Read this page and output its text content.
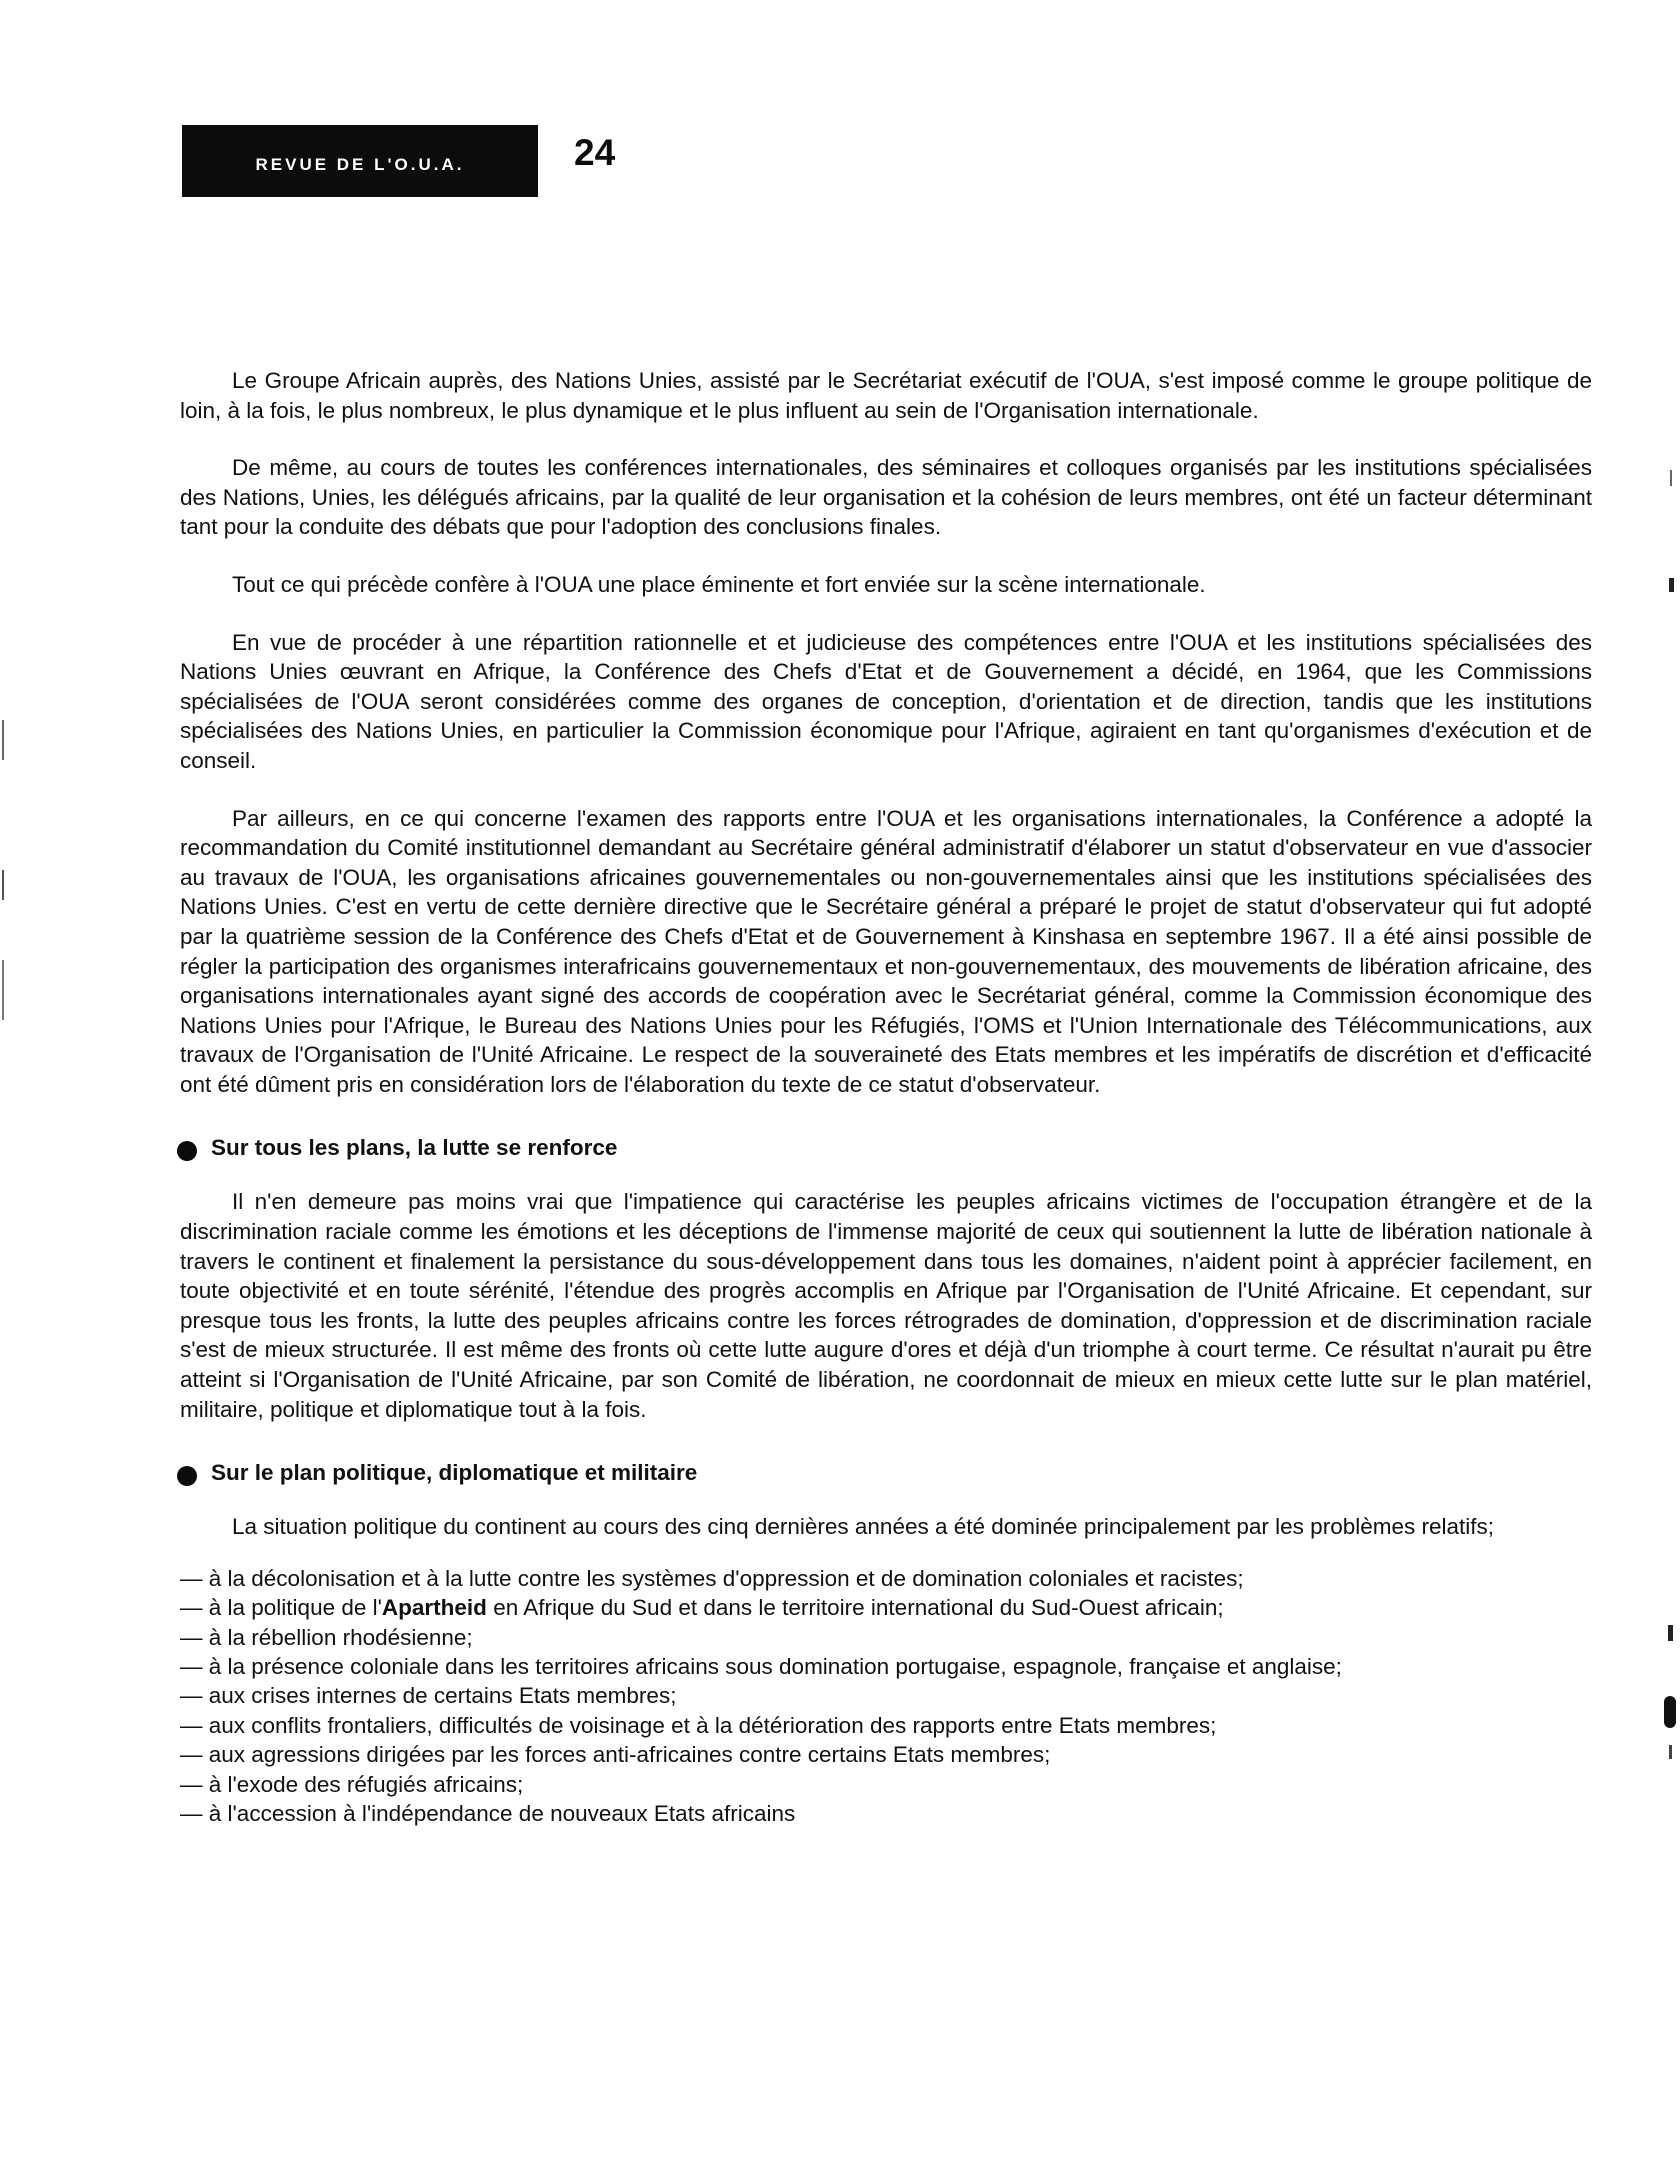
REVUE DE L'O.U.A.	24

Le Groupe Africain auprès, des Nations Unies, assisté par le Secrétariat exécutif de l'OUA, s'est imposé comme le groupe politique de loin, à la fois, le plus nombreux, le plus dynamique et le plus influent au sein de l'Organisation internationale.

De même, au cours de toutes les conférences internationales, des séminaires et colloques organisés par les institutions spécialisées des Nations, Unies, les délégués africains, par la qualité de leur organisation et la cohésion de leurs membres, ont été un facteur déterminant tant pour la conduite des débats que pour l'adoption des conclusions finales.

Tout ce qui précède confère à l'OUA une place éminente et fort enviée sur la scène internationale.

En vue de procéder à une répartition rationnelle et et judicieuse des compétences entre l'OUA et les institutions spécialisées des Nations Unies œuvrant en Afrique, la Conférence des Chefs d'Etat et de Gouvernement a décidé, en 1964, que les Commissions spécialisées de l'OUA seront considérées comme des organes de conception, d'orientation et de direction, tandis que les institutions spécialisées des Nations Unies, en particulier la Commission économique pour l'Afrique, agiraient en tant qu'organismes d'exécution et de conseil.

Par ailleurs, en ce qui concerne l'examen des rapports entre l'OUA et les organisations internationales, la Conférence a adopté la recommandation du Comité institutionnel demandant au Secrétaire général administratif d'élaborer un statut d'observateur en vue d'associer au travaux de l'OUA, les organisations africaines gouvernementales ou non-gouvernementales ainsi que les institutions spécialisées des Nations Unies. C'est en vertu de cette dernière directive que le Secrétaire général a préparé le projet de statut d'observateur qui fut adopté par la quatrième session de la Conférence des Chefs d'Etat et de Gouvernement à Kinshasa en septembre 1967. Il a été ainsi possible de régler la participation des organismes interafricains gouvernementaux et non-gouvernementaux, des mouvements de libération africaine, des organisations internationales ayant signé des accords de coopération avec le Secrétariat général, comme la Commission économique des Nations Unies pour l'Afrique, le Bureau des Nations Unies pour les Réfugiés, l'OMS et l'Union Internationale des Télécommunications, aux travaux de l'Organisation de l'Unité Africaine. Le respect de la souveraineté des Etats membres et les impératifs de discrétion et d'efficacité ont été dûment pris en considération lors de l'élaboration du texte de ce statut d'observateur.

Sur tous les plans, la lutte se renforce

Il n'en demeure pas moins vrai que l'impatience qui caractérise les peuples africains victimes de l'occupation étrangère et de la discrimination raciale comme les émotions et les déceptions de l'immense majorité de ceux qui soutiennent la lutte de libération nationale à travers le continent et finalement la persistance du sous-développement dans tous les domaines, n'aident point à apprécier facilement, en toute objectivité et en toute sérénité, l'étendue des progrès accomplis en Afrique par l'Organisation de l'Unité Africaine. Et cependant, sur presque tous les fronts, la lutte des peuples africains contre les forces rétrogrades de domination, d'oppression et de discrimination raciale s'est de mieux structurée. Il est même des fronts où cette lutte augure d'ores et déjà d'un triomphe à court terme. Ce résultat n'aurait pu être atteint si l'Organisation de l'Unité Africaine, par son Comité de libération, ne coordonnait de mieux en mieux cette lutte sur le plan matériel, militaire, politique et diplomatique tout à la fois.

Sur le plan politique, diplomatique et militaire

La situation politique du continent au cours des cinq dernières années a été dominée principalement par les problèmes relatifs;

— à la décolonisation et à la lutte contre les systèmes d'oppression et de domination coloniales et racistes;
— à la politique de l'Apartheid en Afrique du Sud et dans le territoire international du Sud-Ouest africain;
— à la rébellion rhodésienne;
— à la présence coloniale dans les territoires africains sous domination portugaise, espagnole, française et anglaise;
— aux crises internes de certains Etats membres;
— aux conflits frontaliers, difficultés de voisinage et à la détérioration des rapports entre Etats membres;
— aux agressions dirigées par les forces anti-africaines contre certains Etats membres;
— à l'exode des réfugiés africains;
— à l'accession à l'indépendance de nouveaux Etats africains
